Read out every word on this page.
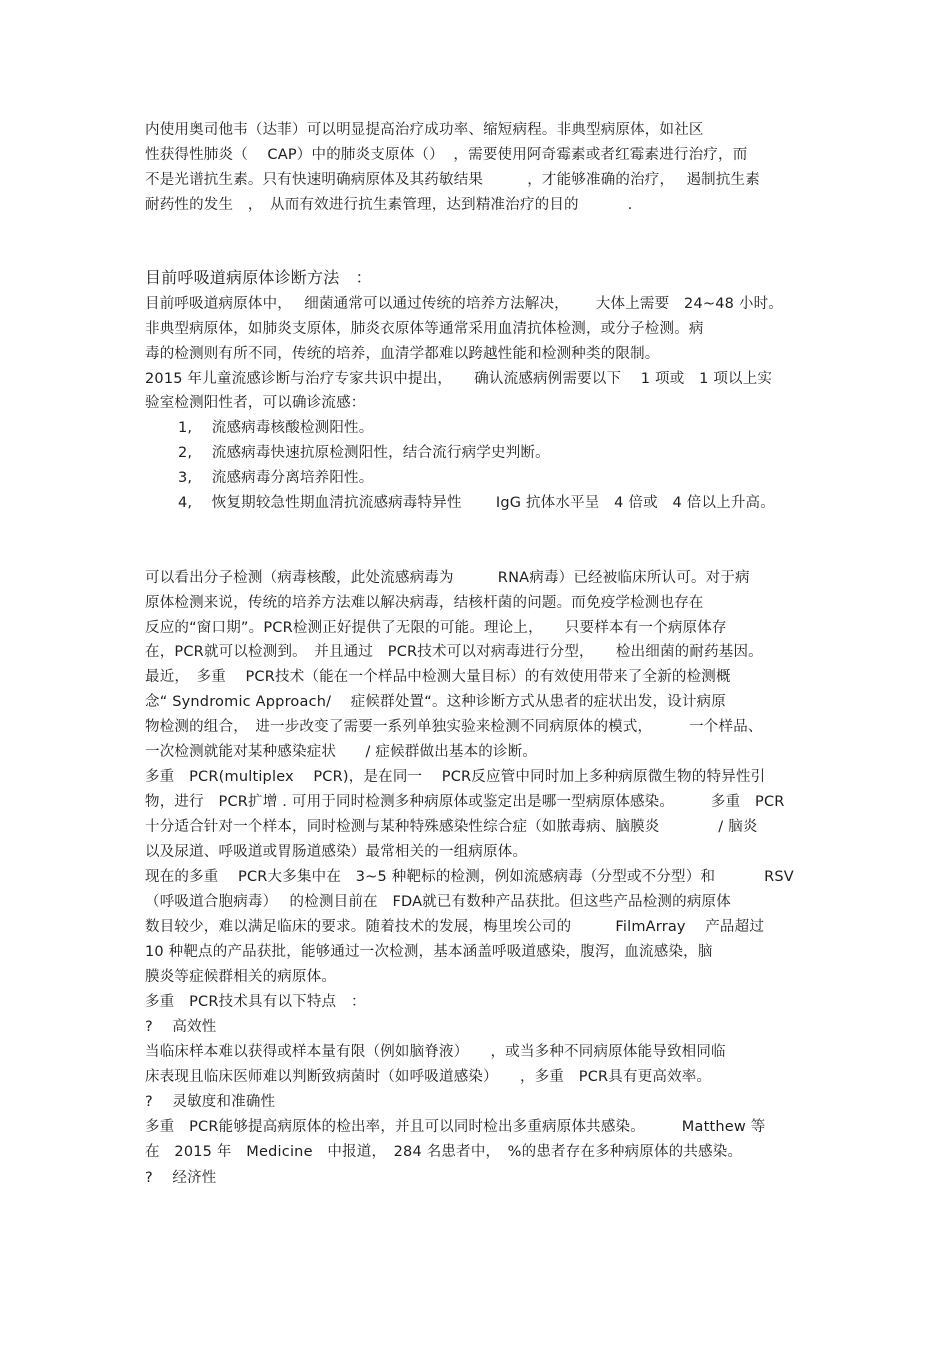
内使用奥司他韦（达菲）可以明显提高治疗成功率、缩短病程。非典型病原体，如社区
性获得性肺炎（　 CAP）中的肺炎支原体（）  ，需要使用阿奇霉素或者红霉素进行治疗，而
不是光谱抗生素。只有快速明确病原体及其药敏结果　　　，才能够准确的治疗，　 遏制抗生素
耐药性的发生　，　从而有效进行抗生素管理，达到精准治疗的目的　　　 .
目前呼吸道病原体诊断方法　：
目前呼吸道病原体中，　 细菌通常可以通过传统的培养方法解决，　　 大体上需要　24~48 小时。
非典型病原体，如肺炎支原体，肺炎衣原体等通常采用血清抗体检测，或分子检测。病
毒的检测则有所不同，传统的培养，血清学都难以跨越性能和检测种类的限制。
2015 年儿童流感诊断与治疗专家共识中提出，　　确认流感病例需要以下　 1 项或　1 项以上实
验室检测阳性者，可以确诊流感：
1,　 流感病毒核酸检测阳性。
2,　 流感病毒快速抗原检测阳性，结合流行病学史判断。
3,　 流感病毒分离培养阳性。
4,　 恢复期较急性期血清抗流感病毒特异性　　 IgG 抗体水平呈　4 倍或　4 倍以上升高。
可以看出分子检测（病毒核酸，此处流感病毒为　　　RNA病毒）已经被临床所认可。对于病
原体检测来说，传统的培养方法难以解决病毒，结核杆菌的问题。而免疫学检测也存在
反应的“窗口期”。PCR检测正好提供了无限的可能。理论上，　　只要样本有一个病原体存
在，PCR就可以检测到。　并且通过　PCR技术可以对病毒进行分型，　　检出细菌的耐药基因。
最近，　多重　 PCR技术（能在一个样品中检测大量目标）的有效使用带来了全新的检测概
念“ Syndromic Approach/　 症候群处置“。这种诊断方式从患者的症状出发，设计病原
物检测的组合，　进一步改变了需要一系列单独实验来检测不同病原体的模式，　　　一个样品、
一次检测就能对某种感染症状　　/ 症候群做出基本的诊断。
多重　PCR(multiplex　 PCR)，是在同一　 PCR反应管中同时加上多种病原微生物的特异性引
物，进行　PCR扩增 . 可用于同时检测多种病原体或鉴定出是哪一型病原体感染。　　　多重　PCR
十分适合针对一个样本，同时检测与某种特殊感染性综合症（如脓毒病、脑膜炎　　　　/ 脑炎
以及尿道、呼吸道或胃肠道感染）最常相关的一组病原体。
现在的多重　 PCR大多集中在　3~5 种靶标的检测，例如流感病毒（分型或不分型）和　　　 RSV
（呼吸道合胞病毒）　 的检测目前在　FDA就已有数种产品获批。但这些产品检测的病原体
数目较少，难以满足临床的要求。随着技术的发展，梅里埃公司的　　　FilmArray　 产品超过
10 种靶点的产品获批，能够通过一次检测，基本涵盖呼吸道感染，腹泻，血流感染，脑
膜炎等症候群相关的病原体。
多重　PCR技术具有以下特点　：
?　 高效性
当临床样本难以获得或样本量有限（例如脑脊液）　　，或当多种不同病原体能导致相同临
床表现且临床医师难以判断致病菌时（如呼吸道感染）　　，多重　PCR具有更高效率。
?　 灵敏度和准确性
多重　PCR能够提高病原体的检出率，并且可以同时检出多重病原体共感染。　　　Matthew 等
在　2015 年　Medicine　中报道，　284 名患者中，　%的患者存在多种病原体的共感染。
?　 经济性
